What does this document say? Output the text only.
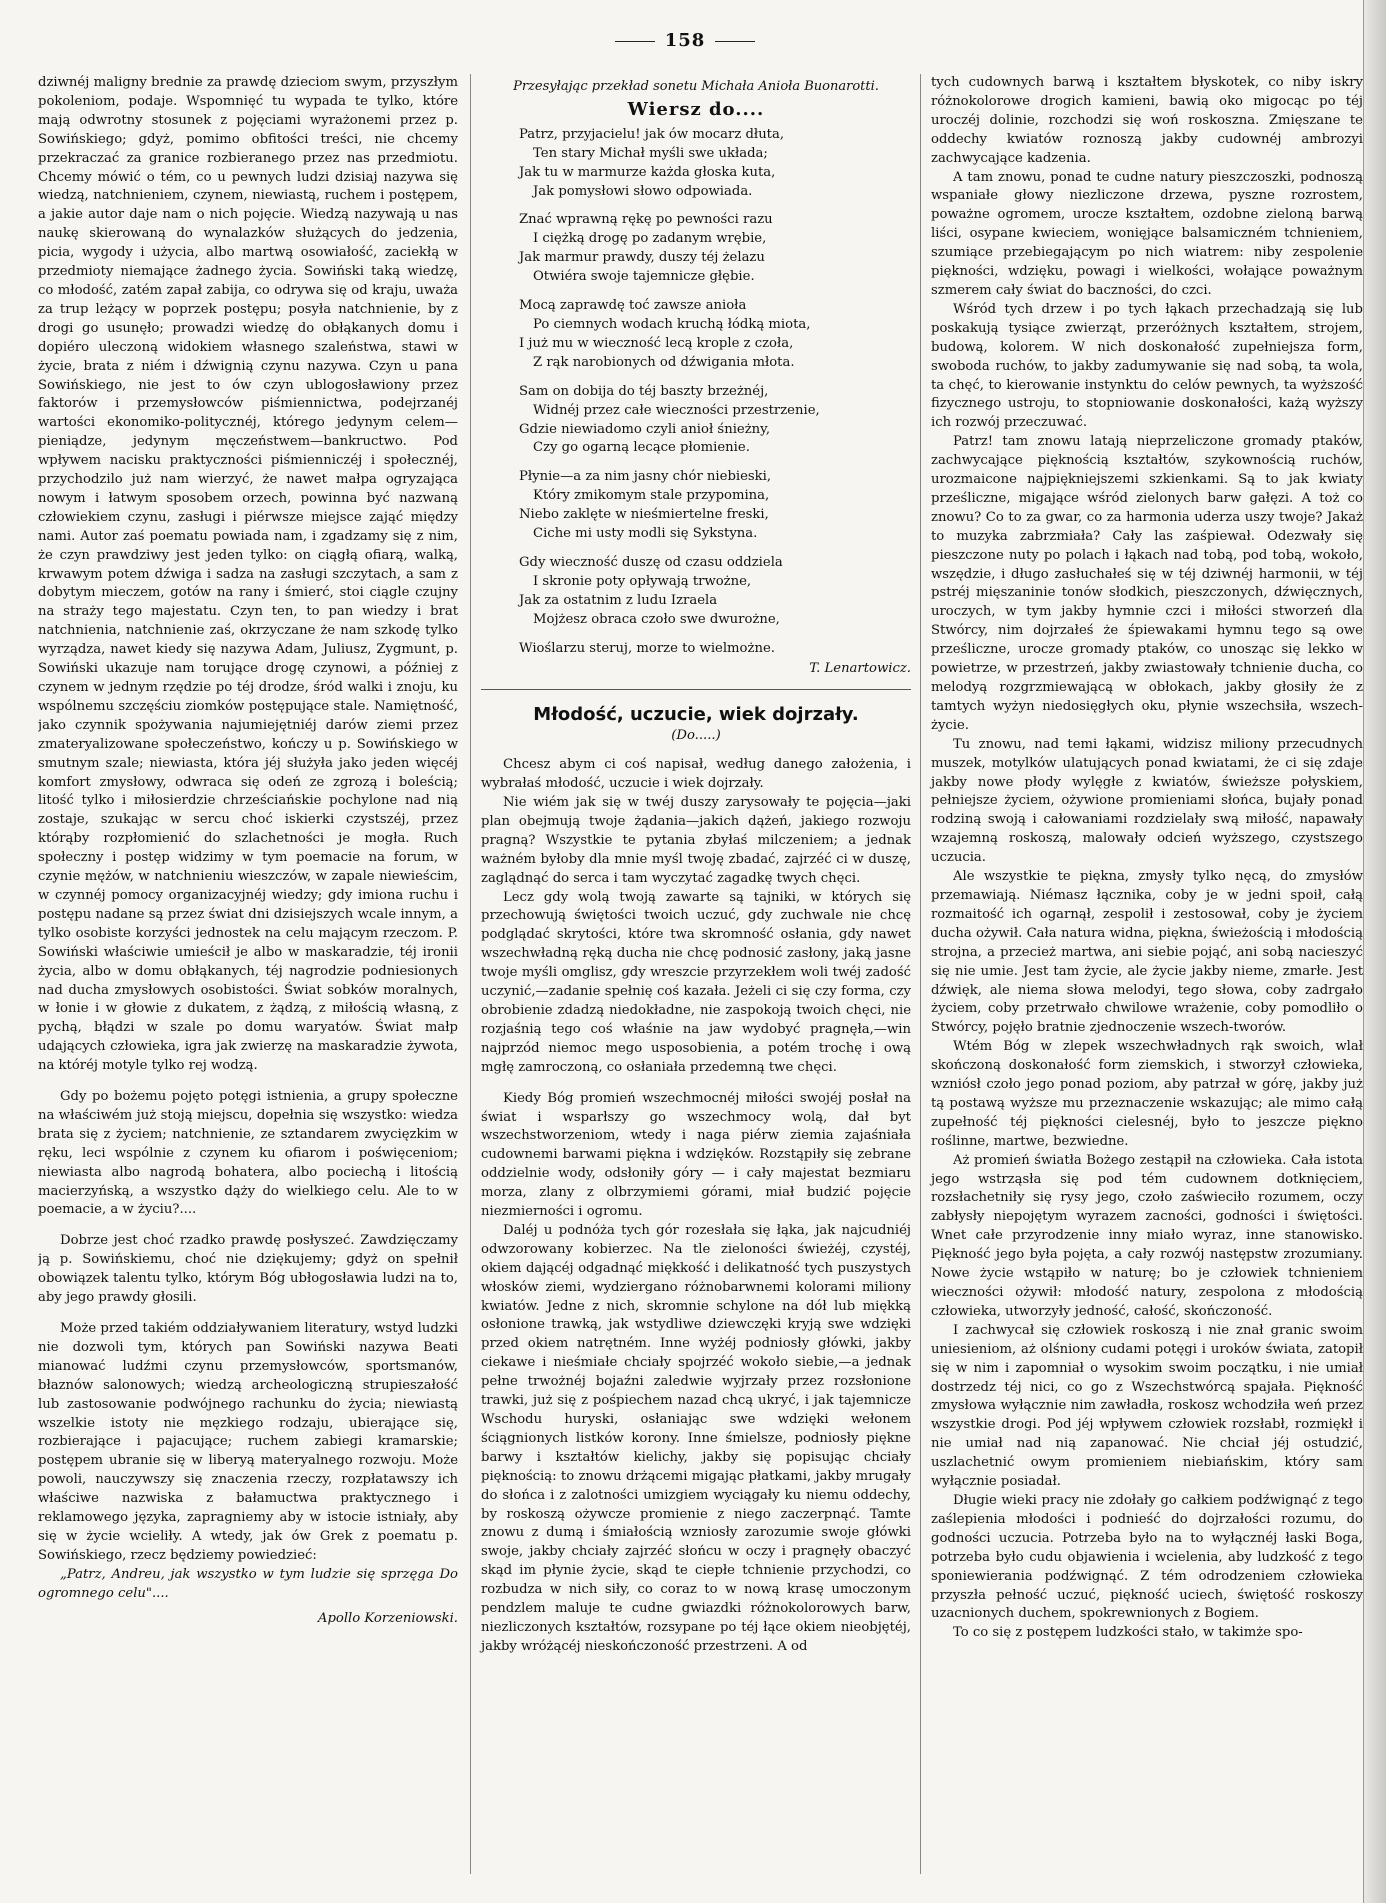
158

dziwnéj maligny brednie za prawdę dzieciom swym, przyszłym pokoleniom, podaje. Wspomnięć tu wypada te tylko, które mają odwrotny stosunek z pojęciami wyrażonemi przez p. Sowińskiego; gdyż, pomimo obfitości treści, nie chcemy przekraczać za granice rozbieranego przez nas przedmiotu. Chcemy mówić o tém, co u pewnych ludzi dzisiaj nazywa się wiedzą, natchnieniem, czynem, niewiastą, ruchem i postępem, a jakie autor daje nam o nich pojęcie. Wiedzą nazywają u nas naukę skierowaną do wynalazków służących do jedzenia, picia, wygody i użycia, albo martwą osowiałość, zaciekłą w przedmioty niemające żadnego życia. Sowiński taką wiedzę, co młodość, zatém zapał zabija, co odrywa się od kraju, uważa za trup leżący w poprzek postępu; posyła natchnienie, by z drogi go usunęło; prowadzi wiedzę do obłąkanych domu i dopiéro uleczoną widokiem własnego szaleństwa, stawi w życie, brata z niém i dźwignią czynu nazywa. Czyn u pana Sowińskiego, nie jest to ów czyn ublogosławiony przez faktorów i przemysłowców piśmiennictwa, podejrzanéj wartości ekonomiko-politycznéj, którego jedynym celem—pieniądze, jedynym męczeństwem—bankructwo. Pod wpływem nacisku praktyczności piśmienniczéj i społecznéj, przychodzilo już nam wierzyć, że nawet małpa ogryzająca nowym i łatwym sposobem orzech, powinna być nazwaną człowiekiem czynu, zasługi i piérwsze miejsce zająć między nami. Autor zaś poematu powiada nam, i zgadzamy się z nim, że czyn prawdziwy jest jeden tylko: on ciągłą ofiarą, walką, krwawym potem dźwiga i sadza na zasługi szczytach, a sam z dobytym mieczem, gotów na rany i śmierć, stoi ciągle czujny na straży tego majestatu. Czyn ten, to pan wiedzy i brat natchnienia, natchnienie zaś, okrzyczane że nam szkodę tylko wyrządza, nawet kiedy się nazywa Adam, Juliusz, Zygmunt, p. Sowiński ukazuje nam torujące drogę czynowi, a później z czynem w jednym rzędzie po téj drodze, śród walki i znoju, ku wspólnemu szczęściu ziomków postępujące stale. Namiętność, jako czynnik spożywania najumiejętniéj darów ziemi przez zmateryalizowane społeczeństwo, kończy u p. Sowińskiego w smutnym szale; niewiasta, która jéj służyła jako jeden więcéj komfort zmysłowy, odwraca się odeń ze zgrozą i boleścią; litość tylko i miłosierdzie chrześciańskie pochylone nad nią zostaje, szukając w sercu choć iskierki czystszéj, przez którąby rozpłomienić do szlachetności je mogła. Ruch społeczny i postęp widzimy w tym poemacie na forum, w czynie mężów, w natchnieniu wieszczów, w zapale niewieścim, w czynnéj pomocy organizacyjnéj wiedzy; gdy imiona ruchu i postępu nadane są przez świat dni dzisiejszych wcale innym, a tylko osobiste korzyści jednostek na celu mającym rzeczom. P. Sowiński właściwie umieścił je albo w maskaradzie, téj ironii życia, albo w domu obłąkanych, téj nagrodzie podniesionych nad ducha zmysłowych osobistości. Świat sobków moralnych, w łonie i w głowie z dukatem, z żądzą, z miłością własną, z pychą, błądzi w szale po domu waryatów. Świat małp udających człowieka, igra jak zwierzę na maskaradzie żywota, na któréj motyle tylko rej wodzą.

Gdy po bożemu pojęto potęgi istnienia, a grupy społeczne na właściwém już stoją miejscu, dopełnia się wszystko: wiedza brata się z życiem; natchnienie, ze sztandarem zwycięzkim w ręku, leci wspólnie z czynem ku ofiarom i poświęceniom; niewiasta albo nagrodą bohatera, albo pociechą i litością macierzyńską, a wszystko dąży do wielkiego celu. Ale to w poemacie, a w życiu?....

Dobrze jest choć rzadko prawdę posłyszeć. Zawdzięczamy ją p. Sowińskiemu, choć nie dziękujemy; gdyż on spełnił obowiązek talentu tylko, którym Bóg ubłogosławia ludzi na to, aby jego prawdy głosili.

Może przed takiém oddziaływaniem literatury, wstyd ludzki nie dozwoli tym, których pan Sowiński nazywa Beati mianować ludźmi czynu przemysłowców, sportsmanów, błaznów salonowych; wiedzą archeologiczną strupieszałość lub zastosowanie podwójnego rachunku do życia; niewiastą wszelkie istoty nie męzkiego rodzaju, ubierające się, rozbierające i pajacujące; ruchem zabiegi kramarskie; postępem ubranie się w liberyą materyalnego rozwoju. Może powoli, nauczywszy się znaczenia rzeczy, rozpłatawszy ich właściwe nazwiska z bałamuctwa praktycznego i reklamowego języka, zapragniemy aby w istocie istniały, aby się w życie wcieliły. A wtedy, jak ów Grek z poematu p. Sowińskiego, rzecz będziemy powiedzieć:

„Patrz, Andreu, jak wszystko w tym ludzie się sprzęga Do ogromnego celu"....

Apollo Korzeniowski.
Przesyłając przekład sonetu Michała Anioła Buonarotti.
Wiersz do....
Patrz, przyjacielu! jak ów mocarz dłuta,
Ten stary Michał myśli swe układa;
Jak tu w marmurze każda głoska kuta,
Jak pomysłowi słowo odpowiada.
Znać wprawną rękę po pewności razu
I ciężką drogę po zadanym wrębie,
Jak marmur prawdy, duszy téj żelazu
Otwiéra swoje tajemnicze głębie.
Mocą zaprawdę toć zawsze anioła
Po ciemnych wodach kruchą łódką miota,
I już mu w wieczność lecą krople z czoła,
Z rąk narobionych od dźwigania młota.
Sam on dobija do téj baszty brzeżnéj,
Widnéj przez całe wieczności przestrzenie,
Gdzie niewiadomo czyli anioł śnieżny,
Czy go ogarną lecące płomienie.
Płynie—a za nim jasny chór niebieski,
Który zmikomym stale przypomina,
Niebo zaklęte w nieśmiertelne freski,
Ciche mi usty modli się Sykstyna.
Gdy wieczność duszę od czasu oddziela
I skronie poty opływają trwożne,
Jak za ostatnim z ludu Izraela
Mojżesz obraca czoło swe dwurożne,
Wioślarzu steruj, morze to wielmożne.
T. Lenartowicz.
Młodość, uczucie, wiek dojrzały.
(Do.....)

Chcesz abym ci coś napisał, według danego założenia, i wybrałaś młodość, uczucie i wiek dojrzały.

Nie wiém jak się w twéj duszy zarysowały te pojęcia—jaki plan obejmują twoje żądania—jakich dążeń, jakiego rozwoju pragną? Wszystkie te pytania zbyłaś milczeniem; a jednak ważném byłoby dla mnie myśl twoję zbadać, zajrzéć ci w duszę, zaglądnąć do serca i tam wyczytać zagadkę twych chęci.

Lecz gdy wolą twoją zawarte są tajniki, w których się przechowują świętości twoich uczuć, gdy zuchwale nie chcę podglądać skrytości, które twa skromność osłania, gdy nawet wszechwładną ręką ducha nie chcę podnosić zasłony, jaką jasne twoje myśli omglisz, gdy wreszcie przyrzekłem woli twéj zadość uczynić,—zadanie spełnię coś kazała. Jeżeli ci się czy forma, czy obrobienie zdadzą niedokładne, nie zaspokoją twoich chęci, nie rozjaśnią tego coś właśnie na jaw wydobyć pragnęła,—win najprzód niemoc mego usposobienia, a potém trochę i ową mgłę zamroczoną, co osłaniała przedemną twe chęci.

Kiedy Bóg promień wszechmocnéj miłości swojéj posłał na świat i wsparłszy go wszechmocy wolą, dał byt wszechstworzeniom, wtedy i naga piérw ziemia zajaśniała cudownemi barwami piękna i wdzięków. Rozstąpiły się zebrane oddzielnie wody, odsłoniły góry — i cały majestat bezmiaru morza, zlany z olbrzymiemi górami, miał budzić pojęcie niezmierności i ogromu.

Daléj u podnóża tych gór rozesłała się łąka, jak najcudniéj odwzorowany kobierzec. Na tle zieloności świeżéj, czystéj, okiem dającéj odgadnąć miękkość i delikatność tych puszystych włosków ziemi, wydziergano różnobarwnemi kolorami miliony kwiatów. Jedne z nich, skromnie schylone na dół lub miękką osłonione trawką, jak wstydliwe dziewczęki kryją swe wdzięki przed okiem natrętném. Inne wyżéj podniosły główki, jakby ciekawe i nieśmiałe chciały spojrzéć wokoło siebie,—a jednak pełne trwożnéj bojaźni zaledwie wyjrzały przez rozsłonione trawki, już się z pośpiechem nazad chcą ukryć, i jak tajemnicze Wschodu huryski, osłaniając swe wdzięki wełonem ściągnionych listków korony. Inne śmielsze, podniosły piękne barwy i kształtów kielichy, jakby się popisując chciały pięknością: to znowu drżącemi migając płatkami, jakby mrugały do słońca i z zalotności umizgiem wyciągały ku niemu oddechy, by roskoszą ożywcze promienie z niego zaczerpnąć. Tamte znowu z dumą i śmiałością wzniosły zarozumie swoje główki swoje, jakby chciały zajrzéć słońcu w oczy i pragnęły obaczyć skąd im płynie życie, skąd te ciepłe tchnienie przychodzi, co rozbudza w nich siły, co coraz to w nową krasę umoczonym pendzlem maluje te cudne gwiazdki różnokolorowych barw, niezliczonych kształtów, rozsypane po téj łące okiem nieobjętéj, jakby wróżącéj nieskończoność przestrzeni. A od

tych cudownych barwą i kształtem błyskotek, co niby iskry różnokolorowe drogich kamieni, bawią oko migocąc po téj uroczéj dolinie, rozchodzi się woń roskoszna. Zmięszane te oddechy kwiatów roznoszą jakby cudownéj ambrozyi zachwycające kadzenia.

A tam znowu, ponad te cudne natury pieszczoszki, podnoszą wspaniałe głowy niezliczone drzewa, pyszne rozrostem, poważne ogromem, urocze kształtem, ozdobne zieloną barwą liści, osypane kwieciem, wonięjące balsamiczném tchnieniem, szumiące przebiegającym po nich wiatrem: niby zespolenie piękności, wdzięku, powagi i wielkości, wołające poważnym szmerem cały świat do baczności, do czci.

Wśród tych drzew i po tych łąkach przechadzają się lub poskakują tysiące zwierząt, przeróżnych kształtem, strojem, budową, kolorem. W nich doskonałość zupełniejsza form, swoboda ruchów, to jakby zadumywanie się nad sobą, ta wola, ta chęć, to kierowanie instynktu do celów pewnych, ta wyższość fizycznego ustroju, to stopniowanie doskonałości, każą wyższy ich rozwój przeczuwać.

Patrz! tam znowu latają nieprzeliczone gromady ptaków, zachwycające pięknością kształtów, szykownością ruchów, urozmaicone najpiękniejszemi szkienkami. Są to jak kwiaty prześliczne, migające wśród zielonych barw gałęzi. A toż co znowu? Co to za gwar, co za harmonia uderza uszy twoje? Jakaż to muzyka zabrzmiała? Cały las zaśpiewał. Odezwały się pieszczone nuty po polach i łąkach nad tobą, pod tobą, wokoło, wszędzie, i długo zasłuchałeś się w téj dziwnéj harmonii, w téj pstréj mięszaninie tonów słodkich, pieszczonych, dźwięcznych, uroczych, w tym jakby hymnie czci i miłości stworzeń dla Stwórcy, nim dojrzałeś że śpiewakami hymnu tego są owe prześliczne, urocze gromady ptaków, co unosząc się lekko w powietrze, w przestrzeń, jakby zwiastowały tchnienie ducha, co melodyą rozgrzmiewającą w obłokach, jakby głosiły że z tamtych wyżyn niedosięgłych oku, płynie wszechsiła, wszech-życie.

Tu znowu, nad temi łąkami, widzisz miliony przecudnych muszek, motylków ulatujących ponad kwiatami, że ci się zdaje jakby nowe płody wylęgłe z kwiatów, świeższe połyskiem, pełniejsze życiem, ożywione promieniami słońca, bujały ponad rodziną swoją i całowaniami rozdzielały swą miłość, napawały wzajemną roskoszą, malowały odcień wyższego, czystszego uczucia.

Ale wszystkie te piękna, zmysły tylko nęcą, do zmysłów przemawiają. Niémasz łącznika, coby je w jedni spoił, całą rozmaitość ich ogarnął, zespolił i zestosował, coby je życiem ducha ożywił. Cała natura widna, piękna, świeżością i młodością strojna, a przecież martwa, ani siebie pojąć, ani sobą nacieszyć się nie umie. Jest tam życie, ale życie jakby nieme, zmarłe. Jest dźwięk, ale niema słowa melodyi, tego słowa, coby zadrgało życiem, coby przetrwało chwilowe wrażenie, coby pomodliło o Stwórcy, pojęło bratnie zjednoczenie wszech-tworów.

Wtém Bóg w zlepek wszechwładnych rąk swoich, wlał skończoną doskonałość form ziemskich, i stworzył człowieka, wzniósł czoło jego ponad poziom, aby patrzał w górę, jakby już tą postawą wyższe mu przeznaczenie wskazując; ale mimo całą zupełność téj piękności cielesnéj, było to jeszcze piękno roślinne, martwe, bezwiedne.

Aż promień światła Bożego zestąpił na człowieka. Cała istota jego wstrząsła się pod tém cudownem dotknięciem, rozsłachetniły się rysy jego, czoło zaświeciło rozumem, oczy zabłysły niepojętym wyrazem zacności, godności i świętości. Wnet całe przyrodzenie inny miało wyraz, inne stanowisko. Piękność jego była pojęta, a cały rozwój następstw zrozumiany. Nowe życie wstąpiło w naturę; bo je człowiek tchnieniem wieczności ożywił: młodość natury, zespolona z młodością człowieka, utworzyły jedność, całość, skończoność.

I zachwycał się człowiek roskoszą i nie znał granic swoim uniesieniom, aż olśniony cudami potęgi i uroków świata, zatopił się w nim i zapomniał o wysokim swoim początku, i nie umiał dostrzedz téj nici, co go z Wszechstwórcą spajała. Piękność zmysłowa wyłącznie nim zawładła, roskosz wchodziła weń przez wszystkie drogi. Pod jéj wpływem człowiek rozsłabł, rozmiękł i nie umiał nad nią zapanować. Nie chciał jéj ostudzić, uszlachetnić owym promieniem niebiańskim, który sam wyłącznie posiadał.

Długie wieki pracy nie zdołały go całkiem podźwignąć z tego zaślepienia młodości i podnieść do dojrzałości rozumu, do godności uczucia. Potrzeba było na to wyłącznéj łaski Boga, potrzeba było cudu objawienia i wcielenia, aby ludzkość z tego sponiewierania podźwignąć. Z tém odrodzeniem człowieka przyszła pełność uczuć, piękność uciech, świętość roskoszy uzacnionych duchem, spokrewnionych z Bogiem.

To co się z postępem ludzkości stało, w takimże spo-
